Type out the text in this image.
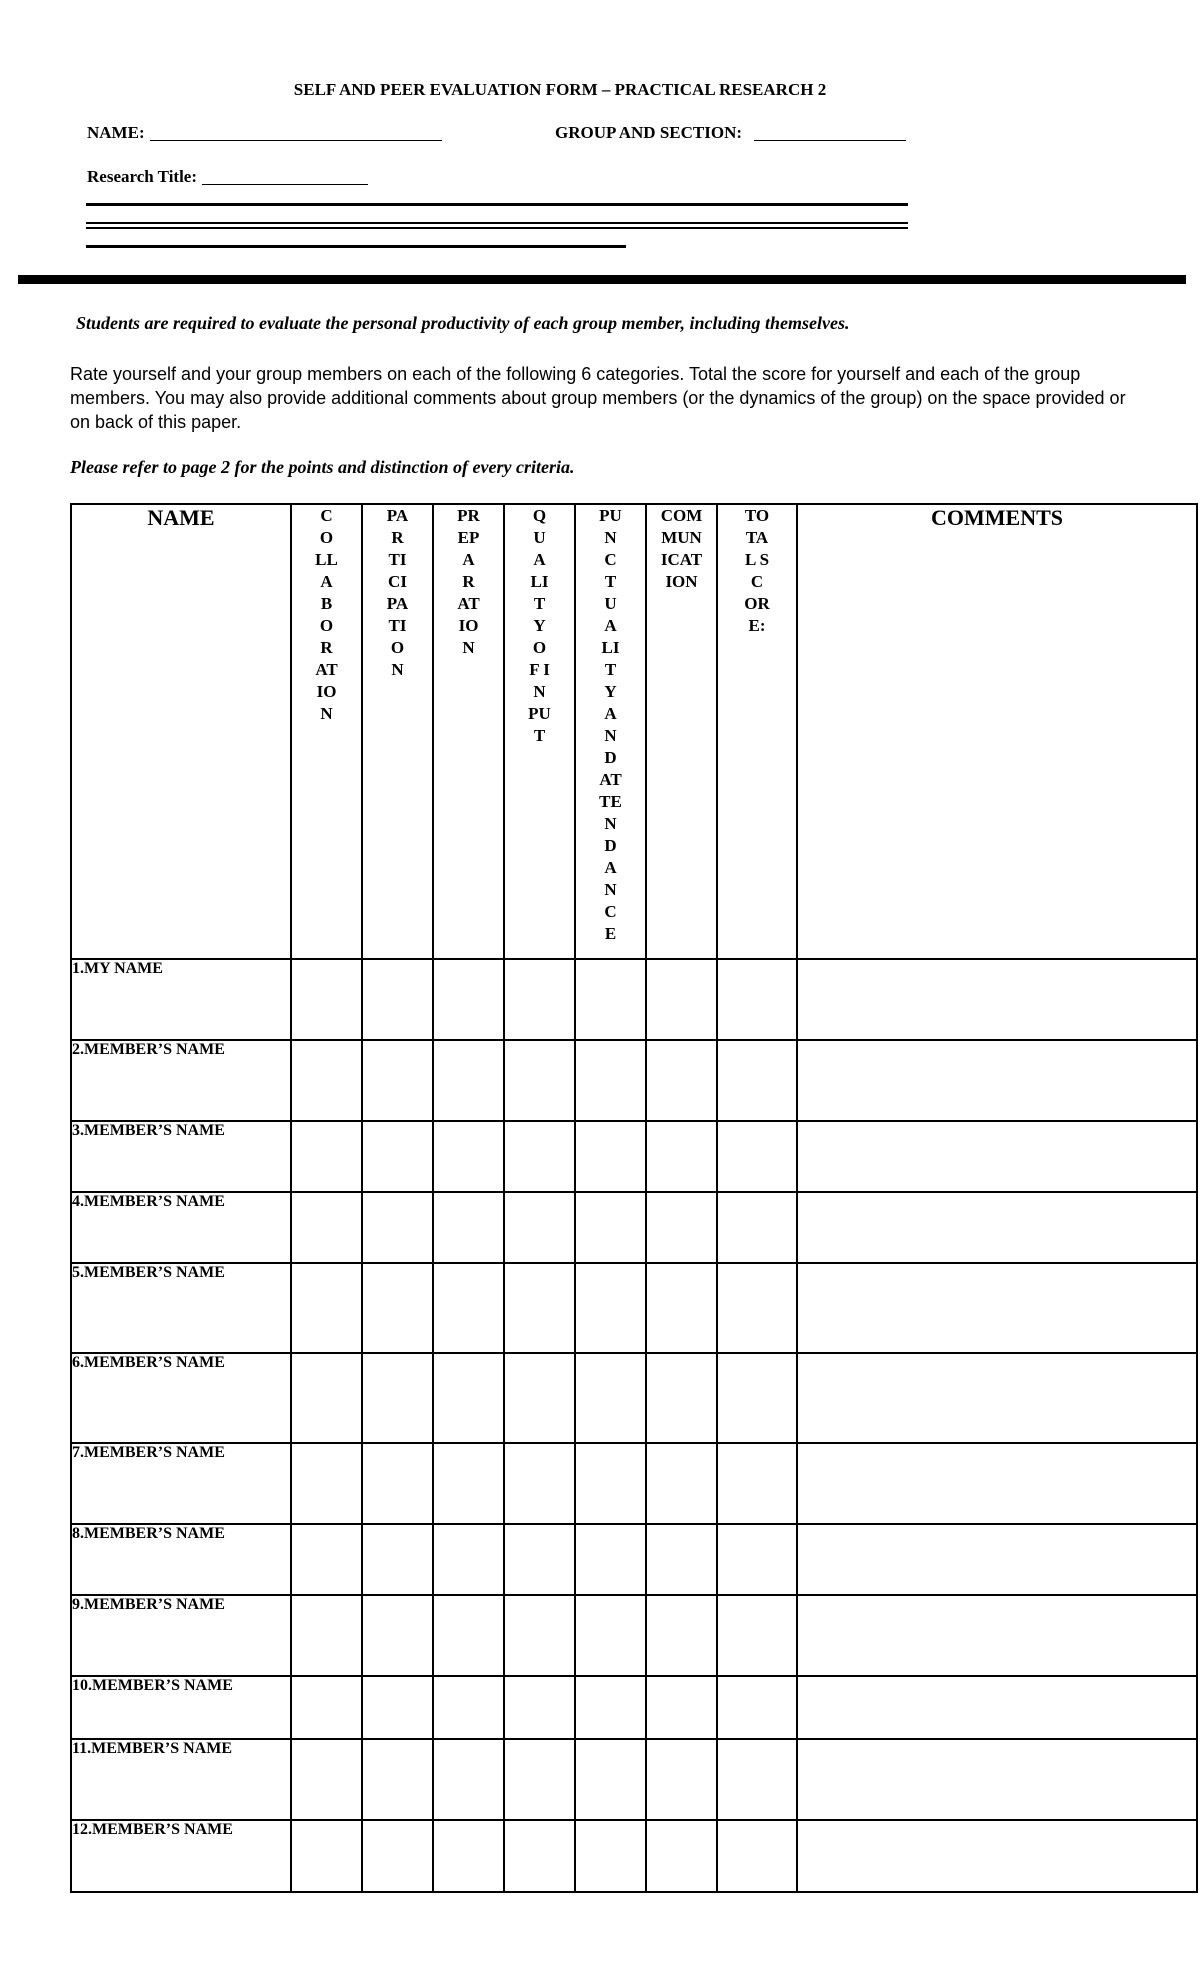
SELF AND PEER EVALUATION FORM – PRACTICAL RESEARCH 2
NAME:	GROUP AND SECTION:
Research Title:
Students are required to evaluate the personal productivity of each group member, including themselves.
Rate yourself and your group members on each of the following 6 categories. Total the score for yourself and each of the group members. You may also provide additional comments about group members (or the dynamics of the group) on the space provided or on back of this paper.
Please refer to page 2 for the points and distinction of every criteria.
NAME	C O LL A B O R AT IO N	PA R TI CI PA TI O N	PR EP A R AT IO N	Q U A LI T Y O F IN PU T	PU N C T U A LI T Y A N D AT TE N D A N C E	COM MUN ICAT ION	TO TA L SC OR E:	COMMENTS
1.MY NAME								
2.MEMBER’S NAME								
3.MEMBER’S NAME								
4.MEMBER’S NAME								
5.MEMBER’S NAME								
6.MEMBER’S NAME								
7.MEMBER’S NAME								
8.MEMBER’S NAME								
9.MEMBER’S NAME								
10.MEMBER’S NAME								
11.MEMBER’S NAME								
12.MEMBER’S NAME								
